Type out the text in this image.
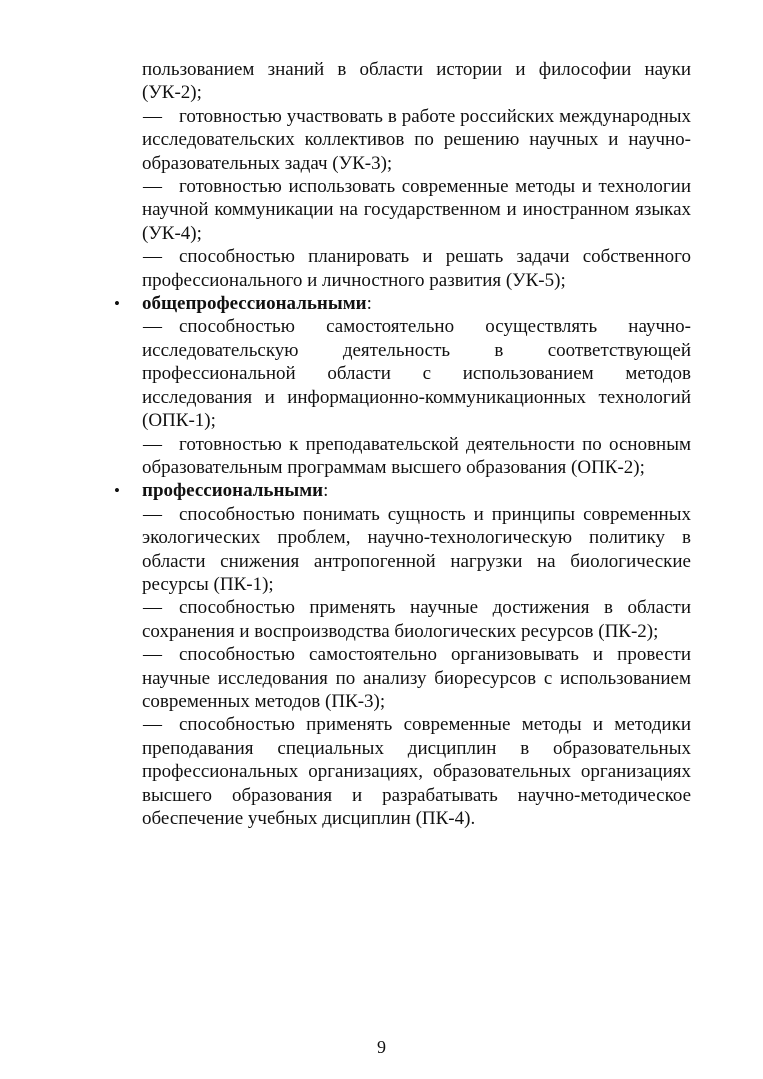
пользованием знаний в области истории и философии науки (УК-2);

— готовностью участвовать в работе российских международных исследовательских коллективов по решению научных и научно-образовательных задач (УК-3);

— готовностью использовать современные методы и технологии научной коммуникации на государственном и иностранном языках (УК-4);

— способностью планировать и решать задачи собственного профессионального и личностного развития (УК-5);

• общепрофессиональными:

— способностью самостоятельно осуществлять научно-исследовательскую деятельность в соответствующей профессиональной области с использованием методов исследования и информационно-коммуникационных технологий (ОПК-1);

— готовностью к преподавательской деятельности по основным образовательным программам высшего образования (ОПК-2);

• профессиональными:

— способностью понимать сущность и принципы современных экологических проблем, научно-технологическую политику в области снижения антропогенной нагрузки на биологические ресурсы (ПК-1);

— способностью применять научные достижения в области сохранения и воспроизводства биологических ресурсов (ПК-2);

— способностью самостоятельно организовывать и провести научные исследования по анализу биоресурсов с использованием современных методов (ПК-3);

— способностью применять современные методы и методики преподавания специальных дисциплин в образовательных профессиональных организациях, образовательных организациях высшего образования и разрабатывать научно-методическое обеспечение учебных дисциплин (ПК-4).

9
